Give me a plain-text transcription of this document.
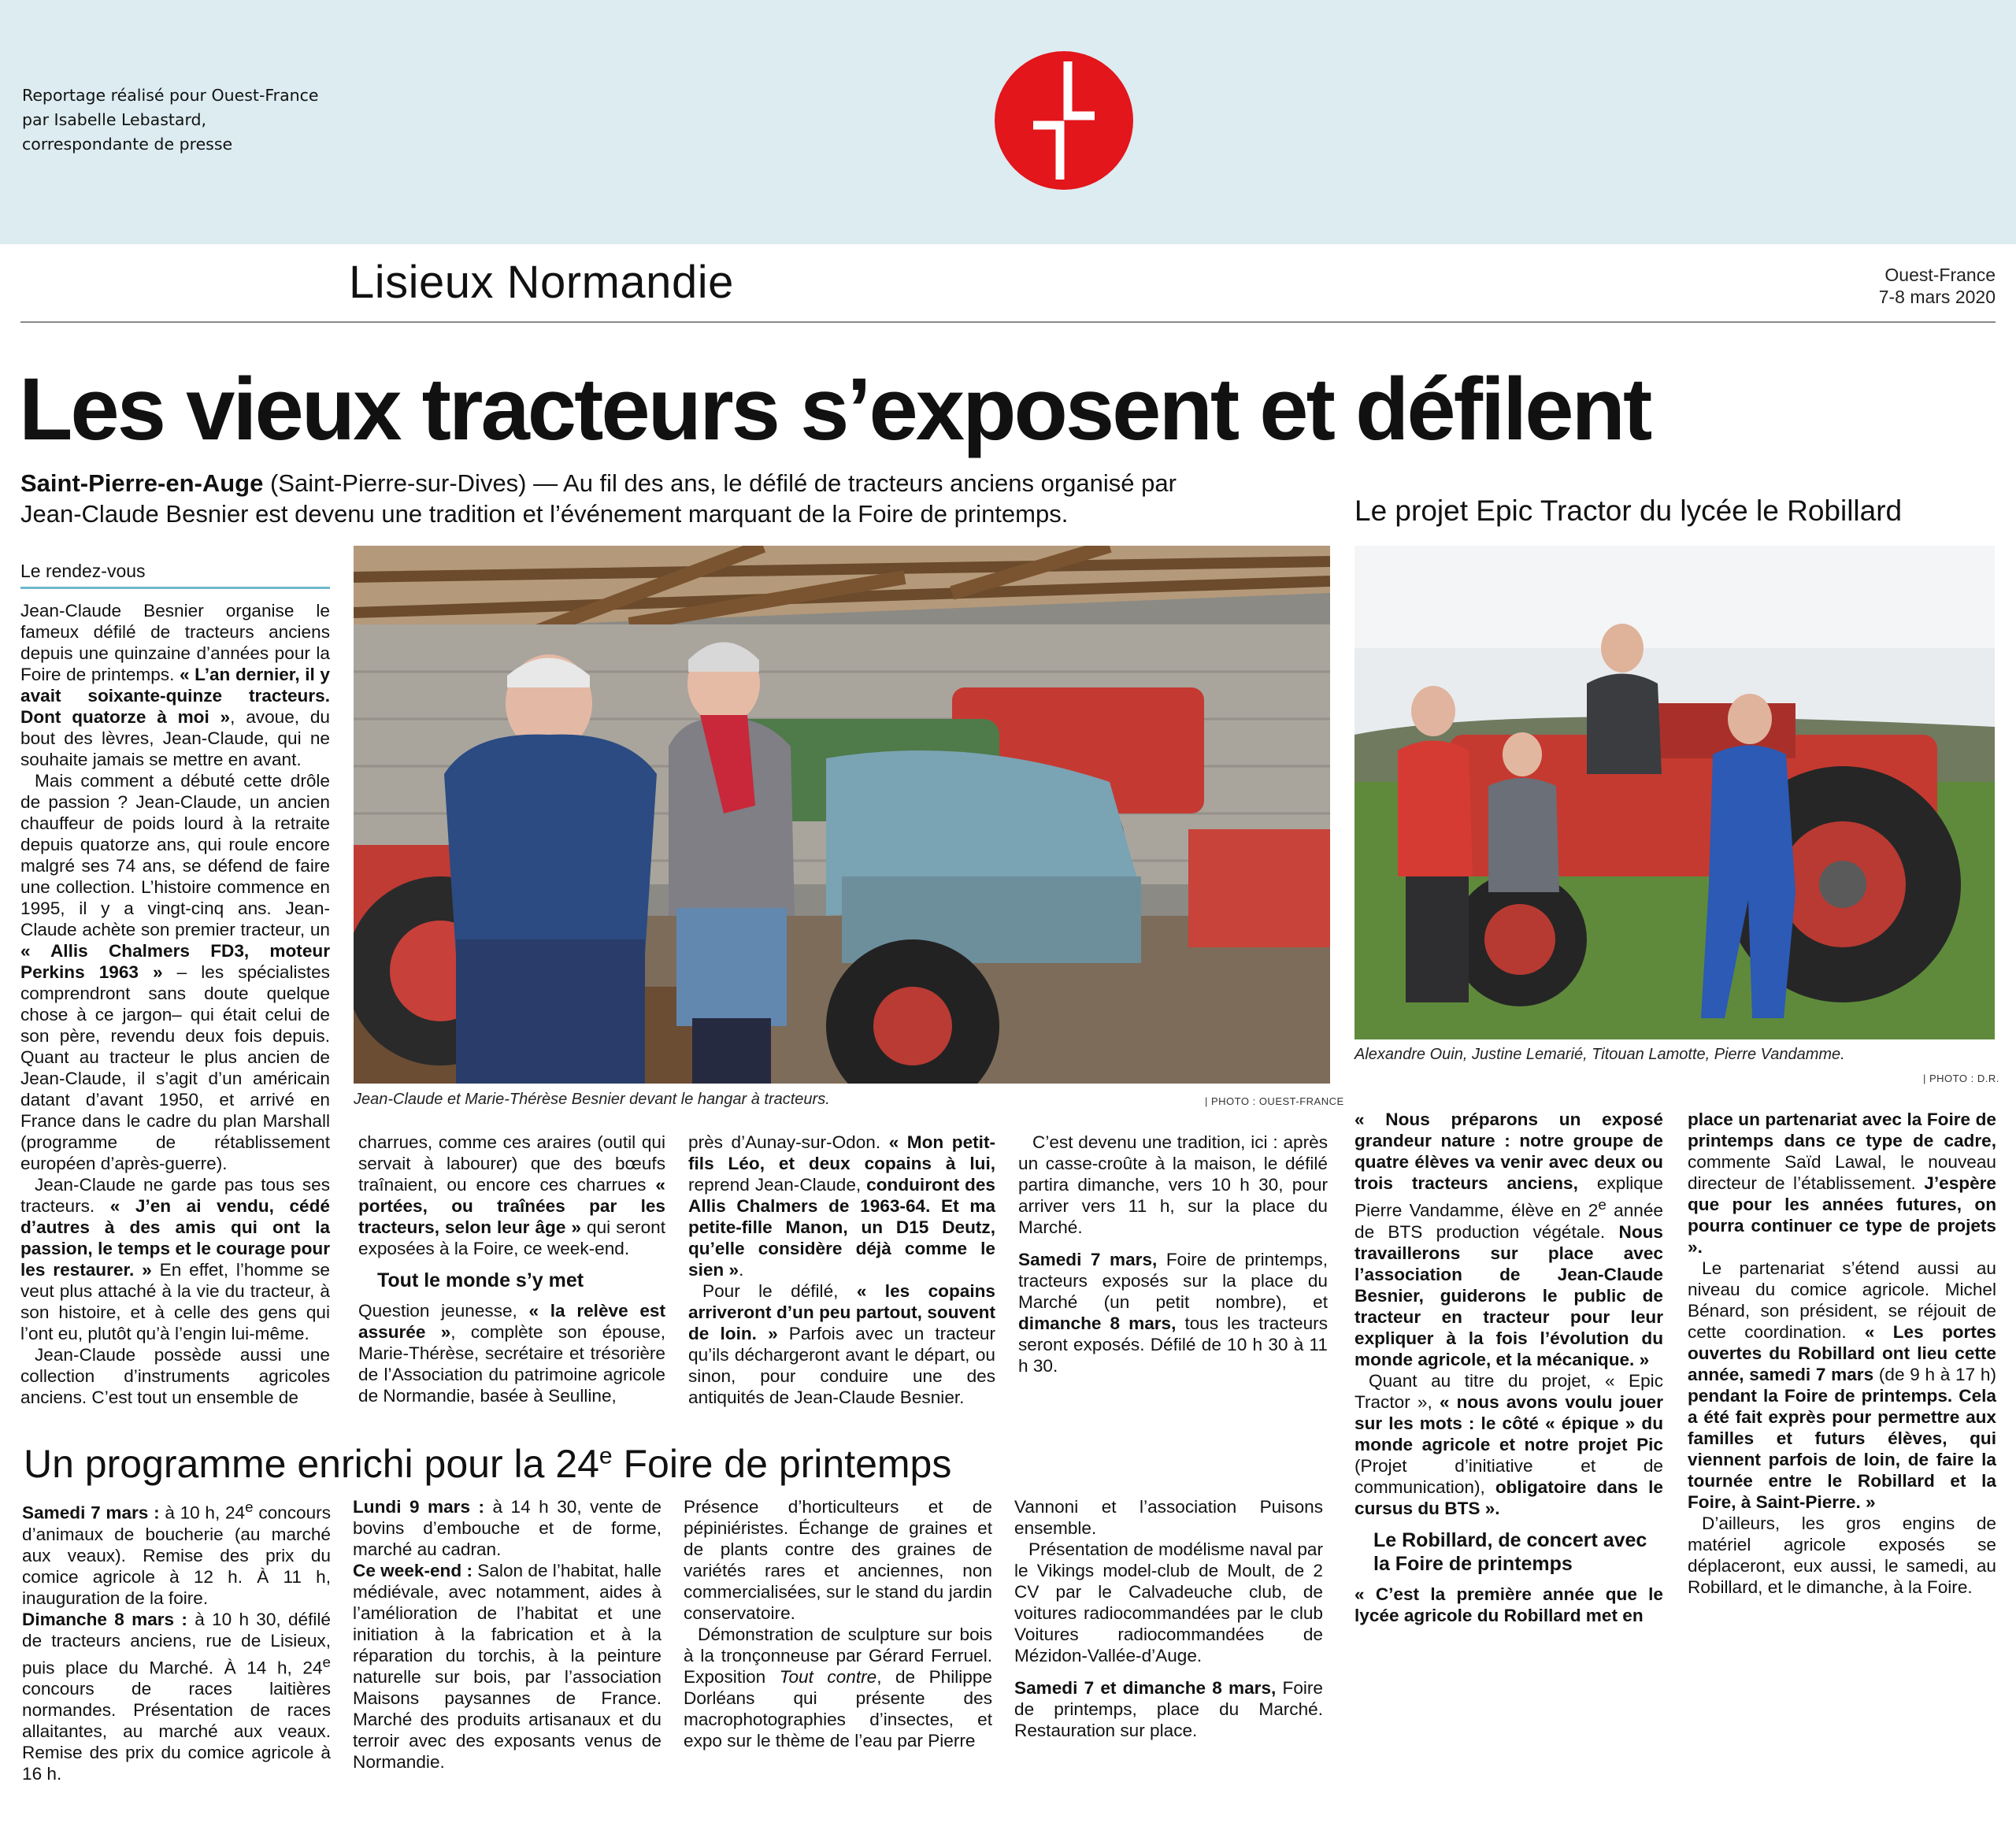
Reportage réalisé pour Ouest-France
par Isabelle Lebastard,
correspondante de presse
Lisieux Normandie	Ouest-France
7-8 mars 2020
Les vieux tracteurs s’exposent et défilent
Saint-Pierre-en-Auge (Saint-Pierre-sur-Dives) — Au fil des ans, le défilé de tracteurs anciens organisé par Jean-Claude Besnier est devenu une tradition et l’événement marquant de la Foire de printemps.	Le projet Epic Tractor du lycée le Robillard
Le rendez-vous
Jean-Claude et Marie-Thérèse Besnier devant le hangar à tracteurs.	| PHOTO : OUEST-FRANCE
Alexandre Ouin, Justine Lemarié, Titouan Lamotte, Pierre Vandamme.
| PHOTO : D.R.

Jean-Claude Besnier organise le fameux défilé de tracteurs anciens depuis une quinzaine d’années pour la Foire de printemps. « L’an dernier, il y avait soixante-quinze tracteurs. Dont quatorze à moi », avoue, du bout des lèvres, Jean-Claude, qui ne souhaite jamais se mettre en avant.

Mais comment a débuté cette drôle de passion ? Jean-Claude, un ancien chauffeur de poids lourd à la retraite depuis quatorze ans, qui roule encore malgré ses 74 ans, se défend de faire une collection. L’histoire commence en 1995, il y a vingt-cinq ans. Jean-Claude achète son premier tracteur, un « Allis Chalmers FD3, moteur Perkins 1963 » – les spécialistes comprendront sans doute quelque chose à ce jargon– qui était celui de son père, revendu deux fois depuis. Quant au tracteur le plus ancien de Jean-Claude, il s’agit d’un américain datant d’avant 1950, et arrivé en France dans le cadre du plan Marshall (programme de rétablissement européen d’après-guerre).

Jean-Claude ne garde pas tous ses tracteurs. « J’en ai vendu, cédé d’autres à des amis qui ont la passion, le temps et le courage pour les restaurer. » En effet, l’homme se veut plus attaché à la vie du tracteur, à son histoire, et à celle des gens qui l’ont eu, plutôt qu’à l’engin lui-même.

Jean-Claude possède aussi une collection d’instruments agricoles anciens. C’est tout un ensemble de

charrues, comme ces araires (outil qui servait à labourer) que des bœufs traînaient, ou encore ces charrues « portées, ou traînées par les tracteurs, selon leur âge » qui seront exposées à la Foire, ce week-end.

Tout le monde s’y met

Question jeunesse, « la relève est assurée », complète son épouse, Marie-Thérèse, secrétaire et trésorière de l’Association du patrimoine agricole de Normandie, basée à Seulline,

près d’Aunay-sur-Odon. « Mon petit-fils Léo, et deux copains à lui, reprend Jean-Claude, conduiront des Allis Chalmers de 1963-64. Et ma petite-fille Manon, un D15 Deutz, qu’elle considère déjà comme le sien ».

Pour le défilé, « les copains arriveront d’un peu partout, souvent de loin. » Parfois avec un tracteur qu’ils déchargeront avant le départ, ou sinon, pour conduire une des antiquités de Jean-Claude Besnier.

C’est devenu une tradition, ici : après un casse-croûte à la maison, le défilé partira dimanche, vers 10 h 30, pour arriver vers 11 h, sur la place du Marché.

Samedi 7 mars, Foire de printemps, tracteurs exposés sur la place du Marché (un petit nombre), et dimanche 8 mars, tous les tracteurs seront exposés. Défilé de 10 h 30 à 11 h 30.

Un programme enrichi pour la 24e Foire de printemps

Samedi 7 mars : à 10 h, 24e concours d’animaux de boucherie (au marché aux veaux). Remise des prix du comice agricole à 12 h. À 11 h, inauguration de la foire.

Dimanche 8 mars : à 10 h 30, défilé de tracteurs anciens, rue de Lisieux, puis place du Marché. À 14 h, 24e concours de races laitières normandes. Présentation de races allaitantes, au marché aux veaux. Remise des prix du comice agricole à 16 h.

Lundi 9 mars : à 14 h 30, vente de bovins d’embouche et de forme, marché au cadran.

Ce week-end : Salon de l’habitat, halle médiévale, avec notamment, aides à l’amélioration de l’habitat et une initiation à la fabrication et à la réparation du torchis, à la peinture naturelle sur bois, par l’association Maisons paysannes de France. Marché des produits artisanaux et du terroir avec des exposants venus de Normandie.

Présence d’horticulteurs et de pépiniéristes. Échange de graines et de plants contre des graines de variétés rares et anciennes, non commercialisées, sur le stand du jardin conservatoire.

Démonstration de sculpture sur bois à la tronçonneuse par Gérard Ferruel. Exposition Tout contre, de Philippe Dorléans qui présente des macrophotographies d’insectes, et expo sur le thème de l’eau par Pierre

Vannoni et l’association Puisons ensemble.

Présentation de modélisme naval par le Vikings model-club de Moult, de 2 CV par le Calvadeuche club, de voitures radiocommandées par le club Voitures radiocommandées de Mézidon-Vallée-d’Auge.

Samedi 7 et dimanche 8 mars, Foire de printemps, place du Marché. Restauration sur place.

« Nous préparons un exposé grandeur nature : notre groupe de quatre élèves va venir avec deux ou trois tracteurs anciens, explique Pierre Vandamme, élève en 2e année de BTS production végétale. Nous travaillerons sur place avec l’association de Jean-Claude Besnier, guiderons le public de tracteur en tracteur pour leur expliquer à la fois l’évolution du monde agricole, et la mécanique. »

Quant au titre du projet, « Epic Tractor », « nous avons voulu jouer sur les mots : le côté « épique » du monde agricole et notre projet Pic (Projet d’initiative et de communication), obligatoire dans le cursus du BTS ».

Le Robillard, de concert avec la Foire de printemps

« C’est la première année que le lycée agricole du Robillard met en

place un partenariat avec la Foire de printemps dans ce type de cadre, commente Saïd Lawal, le nouveau directeur de l’établissement. J’espère que pour les années futures, on pourra continuer ce type de projets ».

Le partenariat s’étend aussi au niveau du comice agricole. Michel Bénard, son président, se réjouit de cette coordination. « Les portes ouvertes du Robillard ont lieu cette année, samedi 7 mars (de 9 h à 17 h) pendant la Foire de printemps. Cela a été fait exprès pour permettre aux familles et futurs élèves, qui viennent parfois de loin, de faire la tournée entre le Robillard et la Foire, à Saint-Pierre. »

D’ailleurs, les gros engins de matériel agricole exposés se déplaceront, eux aussi, le samedi, au Robillard, et le dimanche, à la Foire.
